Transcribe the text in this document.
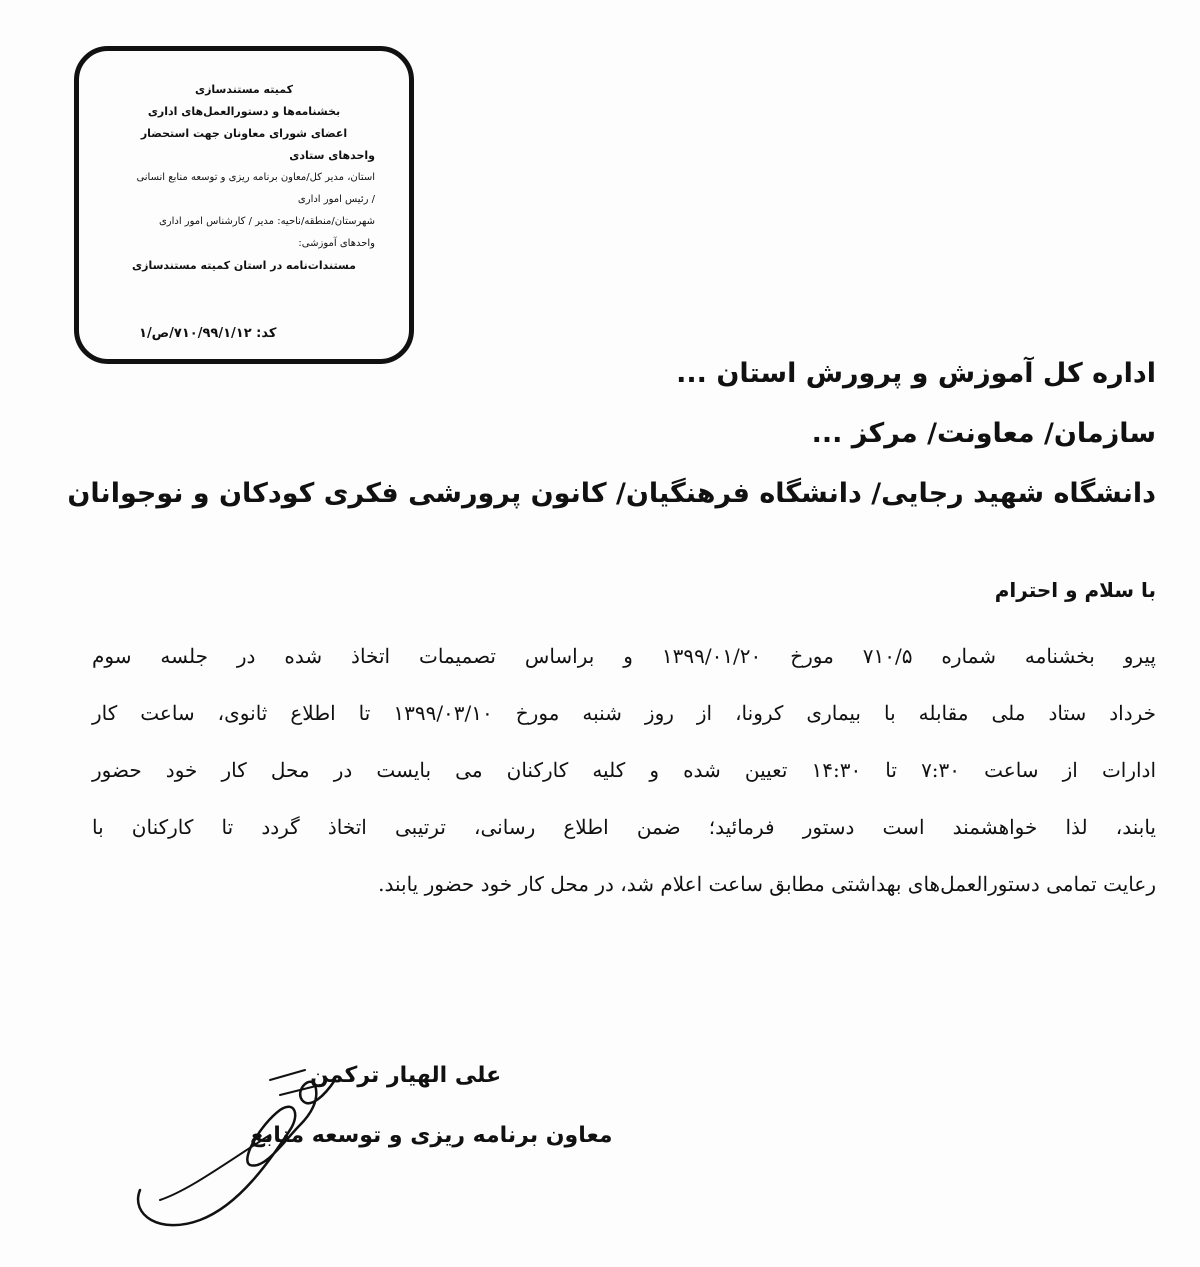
کمیته مستندسازی
بخشنامه‌ها و دستورالعمل‌های اداری
اعضای شورای معاونان جهت استحضار
واحدهای ستادی
استان، مدیر کل/معاون برنامه ریزی و توسعه منابع انسانی
/ رئیس امور اداری
شهرستان/منطقه/ناحیه: مدیر / کارشناس امور اداری
واحدهای آموزشی:
مستندات‌نامه در استان کمیته مستندسازی
کد: ۷۱۰/۹۹/۱/۱۲/ص/۱
اداره کل آموزش و پرورش استان ...
سازمان/ معاونت/ مرکز ...
دانشگاه شهید رجایی/ دانشگاه فرهنگیان/ کانون پرورشی فکری کودکان و نوجوانان
با سلام و احترام
پیرو بخشنامه شماره ۷۱۰/۵ مورخ ۱۳۹۹/۰۱/۲۰ و براساس تصمیمات اتخاذ شده در جلسه سوم
خرداد ستاد ملی مقابله با بیماری کرونا، از روز شنبه مورخ ۱۳۹۹/۰۳/۱۰ تا اطلاع ثانوی، ساعت کار
ادارات از ساعت ۷:۳۰ تا ۱۴:۳۰ تعیین شده و کلیه کارکنان می بایست در محل کار خود حضور
یابند، لذا خواهشمند است دستور فرمائید؛ ضمن اطلاع رسانی، ترتیبی اتخاذ گردد تا کارکنان با
رعایت تمامی دستورالعمل‌های بهداشتی مطابق ساعت اعلام شد، در محل کار خود حضور یابند.
علی الهیار ترکمن
معاون برنامه ریزی و توسعه منابع
